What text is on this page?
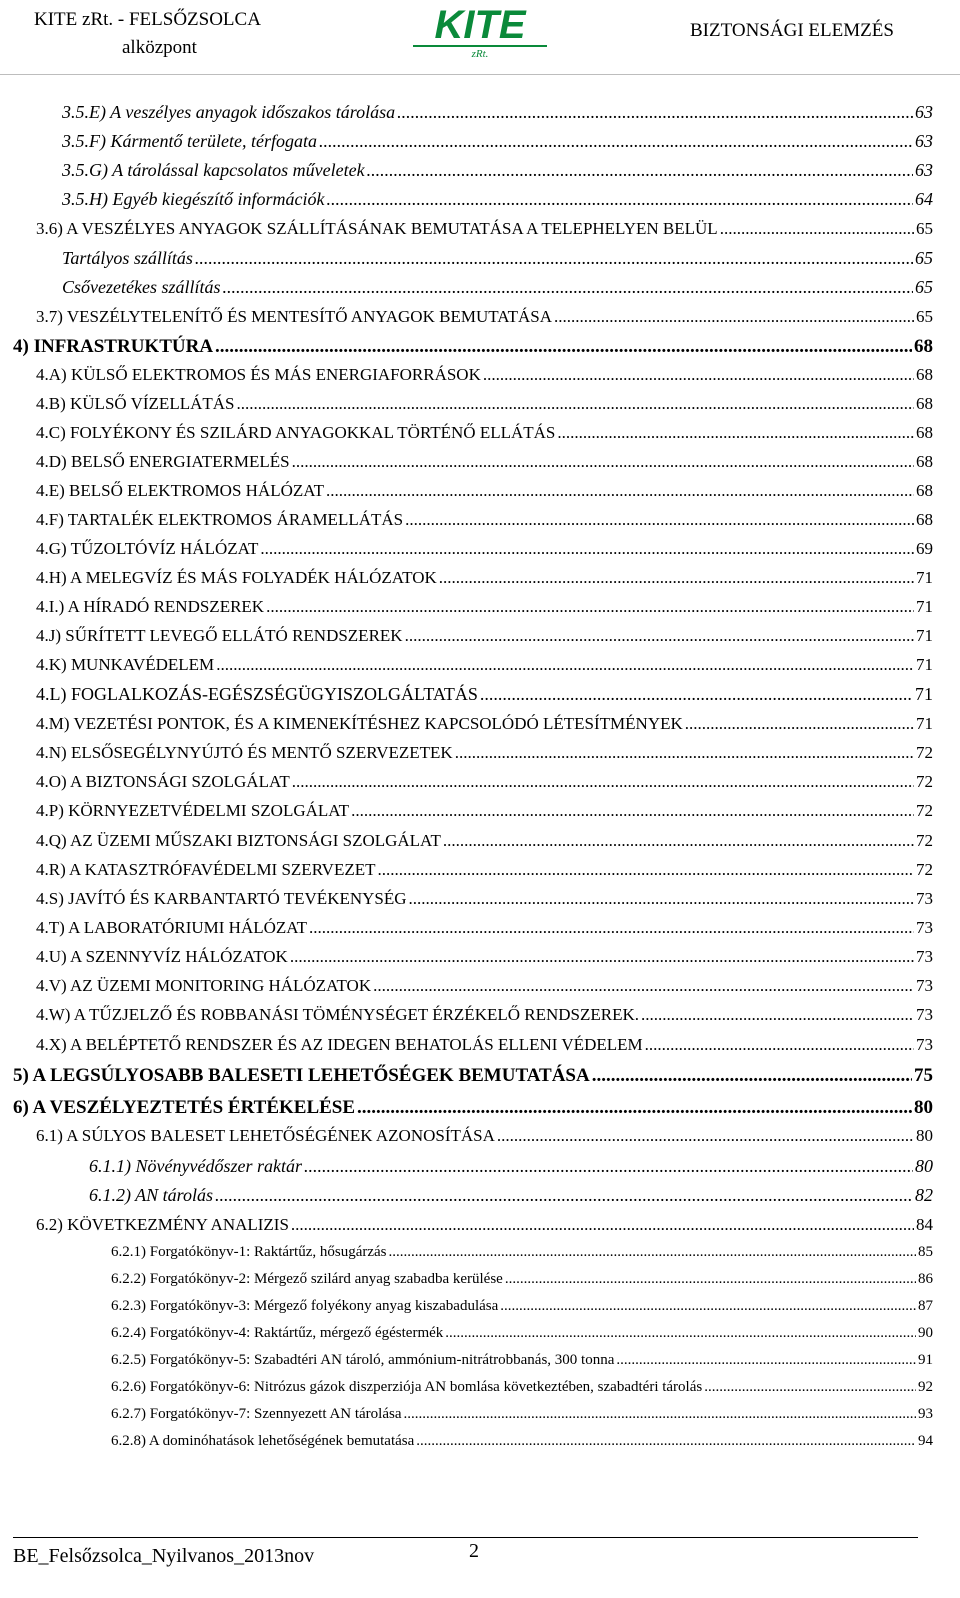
KITE zRt. - FELSŐZSOLCA
alközpont
KITE
zRt.
BIZTONSÁGI ELEMZÉS
3.5.E) A veszélyes anyagok időszakos tárolása .....	63
3.5.F) Kármentő területe, térfogata .....	63
3.5.G) A tárolással kapcsolatos műveletek .....	63
3.5.H) Egyéb kiegészítő információk .....	64
3.6) A VESZÉLYES ANYAGOK SZÁLLÍTÁSÁNAK BEMUTATÁSA A TELEPHELYEN BELÜL .....	65
Tartályos szállítás .....	65
Csővezetékes szállítás .....	65
3.7) VESZÉLYTELENÍTŐ ÉS MENTESÍTŐ ANYAGOK BEMUTATÁSA .....	65
4) INFRASTRUKTÚRA .....	68
4.A) KÜLSŐ ELEKTROMOS ÉS MÁS ENERGIAFORRÁSOK .....	68
4.B) KÜLSŐ VÍZELLÁTÁS .....	68
4.C) FOLYÉKONY ÉS SZILÁRD ANYAGOKKAL TÖRTÉNŐ ELLÁTÁS .....	68
4.D) BELSŐ ENERGIATERMELÉS .....	68
4.E) BELSŐ ELEKTROMOS HÁLÓZAT .....	68
4.F) TARTALÉK ELEKTROMOS ÁRAMELLÁTÁS .....	68
4.G) TŰZOLTÓVÍZ HÁLÓZAT .....	69
4.H) A MELEGVÍZ ÉS MÁS FOLYADÉK HÁLÓZATOK .....	71
4.I.) A HÍRADÓ RENDSZEREK .....	71
4.J) SŰRÍTETT LEVEGŐ ELLÁTÓ RENDSZEREK .....	71
4.K) MUNKAVÉDELEM .....	71
4.L) FOGLALKOZÁS-EGÉSZSÉGÜGYISZOLGÁLTATÁS .....	71
4.M) VEZETÉSI PONTOK, ÉS A KIMENEKÍTÉSHEZ KAPCSOLÓDÓ LÉTESÍTMÉNYEK .....	71
4.N) ELSŐSEGÉLYNYÚJTÓ ÉS MENTŐ SZERVEZETEK .....	72
4.O) A BIZTONSÁGI SZOLGÁLAT .....	72
4.P) KÖRNYEZETVÉDELMI SZOLGÁLAT .....	72
4.Q) AZ ÜZEMI MŰSZAKI BIZTONSÁGI SZOLGÁLAT .....	72
4.R) A KATASZTRÓFAVÉDELMI SZERVEZET .....	72
4.S) JAVÍTÓ ÉS KARBANTARTÓ TEVÉKENYSÉG .....	73
4.T) A LABORATÓRIUMI HÁLÓZAT .....	73
4.U) A SZENNYVÍZ HÁLÓZATOK .....	73
4.V) AZ ÜZEMI MONITORING HÁLÓZATOK .....	73
4.W) A TŰZJELZŐ ÉS ROBBANÁSI TÖMÉNYSÉGET ÉRZÉKELŐ RENDSZEREK. .....	73
4.X) A BELÉPTETŐ RENDSZER ÉS AZ IDEGEN BEHATOLÁS ELLENI VÉDELEM .....	73
5) A LEGSÚLYOSABB BALESETI LEHETŐSÉGEK BEMUTATÁSA .....	75
6) A VESZÉLYEZTETÉS ÉRTÉKELÉSE .....	80
6.1) A SÚLYOS BALESET LEHETŐSÉGÉNEK AZONOSÍTÁSA .....	80
6.1.1) Növényvédőszer raktár .....	80
6.1.2) AN tárolás .....	82
6.2) KÖVETKEZMÉNY ANALIZIS .....	84
6.2.1) Forgatókönyv-1: Raktártűz, hősugárzás .....	85
6.2.2) Forgatókönyv-2: Mérgező szilárd anyag szabadba kerülése .....	86
6.2.3) Forgatókönyv-3: Mérgező folyékony anyag kiszabadulása .....	87
6.2.4) Forgatókönyv-4: Raktártűz, mérgező égéstermék .....	90
6.2.5) Forgatókönyv-5: Szabadtéri AN tároló, ammónium-nitrátrobbanás, 300 tonna .....	91
6.2.6) Forgatókönyv-6: Nitrózus gázok diszperziója AN bomlása következtében, szabadtéri tárolás .....	92
6.2.7) Forgatókönyv-7: Szennyezett AN tárolása .....	93
6.2.8) A dominóhatások lehetőségének bemutatása .....	94
BE_Felsőzsolca_Nyilvanos_2013nov	2
